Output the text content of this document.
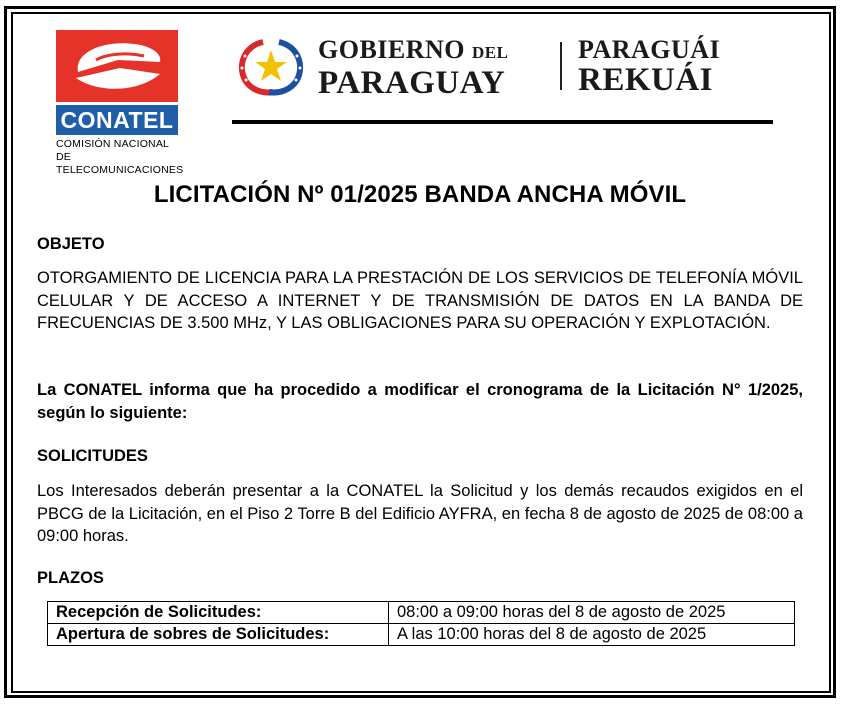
CONATEL
COMISIÓN NACIONAL DE
TELECOMUNICACIONES
GOBIERNO DEL
PARAGUAY
PARAGUÁI
REKUÁI
LICITACIÓN Nº 01/2025 BANDA ANCHA MÓVIL
OBJETO
OTORGAMIENTO DE LICENCIA PARA LA PRESTACIÓN DE LOS SERVICIOS DE TELEFONÍA MÓVIL CELULAR Y DE ACCESO A INTERNET Y DE TRANSMISIÓN DE DATOS EN LA BANDA DE FRECUENCIAS DE 3.500 MHz, Y LAS OBLIGACIONES PARA SU OPERACIÓN Y EXPLOTACIÓN.
La CONATEL informa que ha procedido a modificar el cronograma de la Licitación N° 1/2025, según lo siguiente:
SOLICITUDES
Los Interesados deberán presentar a la CONATEL la Solicitud y los demás recaudos exigidos en el PBCG de la Licitación, en el Piso 2 Torre B del Edificio AYFRA, en fecha 8 de agosto de 2025 de 08:00 a 09:00 horas.
PLAZOS
Recepción de Solicitudes:	08:00 a 09:00 horas del 8 de agosto de 2025
Apertura de sobres de Solicitudes:	A las 10:00 horas del 8 de agosto de 2025
